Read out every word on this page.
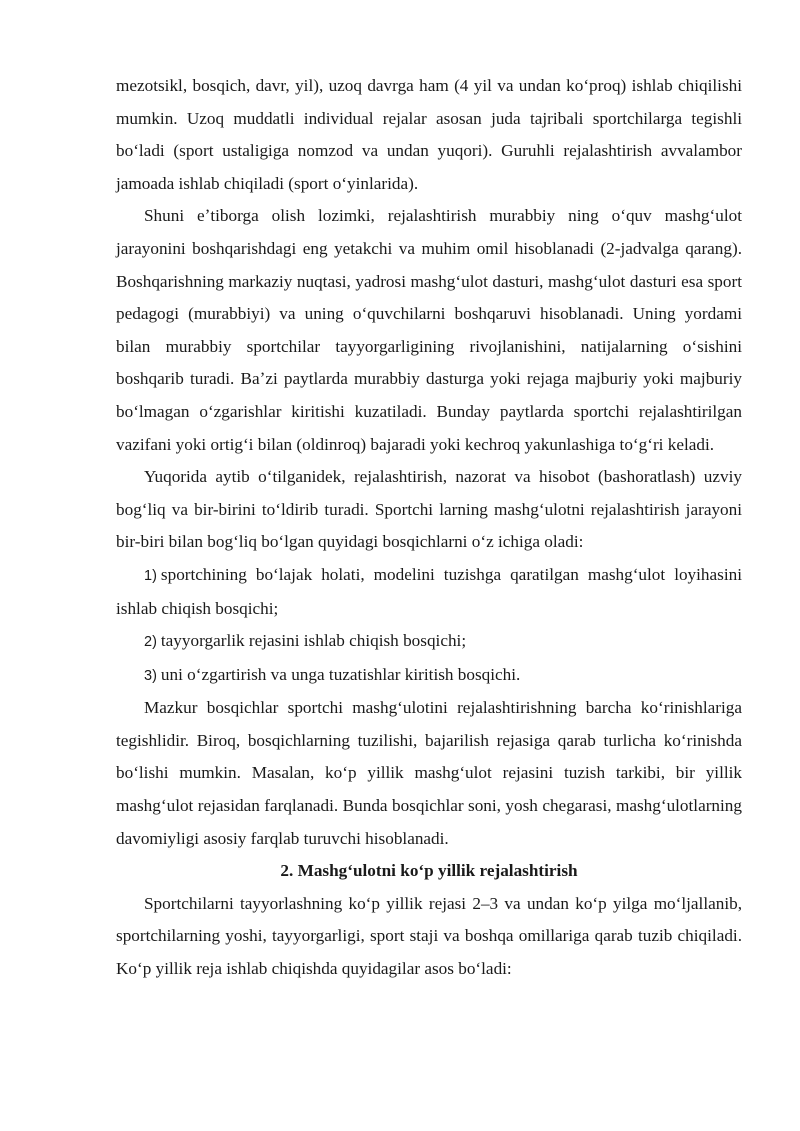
mezotsikl, bosqich, davr, yil), uzoq davrga ham (4 yil va undan koʻproq) ishlab chiqilishi mumkin. Uzoq muddatli individual rejalar asosan juda tajribali sportchilarga tegishli boʻladi (sport ustaligiga nomzod va undan yuqori). Guruhli rejalashtirish avvalambor jamoada ishlab chiqiladi (sport oʻyinlarida).

Shuni eʼtiborga olish lozimki, rejalashtirish murabbiy ning oʻquv mashgʻulot jarayonini boshqarishdagi eng yetakchi va muhim omil hisoblanadi (2-jadvalga qarang). Boshqarishning markaziy nuqtasi, yadrosi mashgʻulot dasturi, mashgʻulot dasturi esa sport pedagogi (murabbiyi) va uning oʻquvchilarni boshqaruvi hisoblanadi. Uning yordami bilan murabbiy sportchilar tayyorgarligining rivojlanishini, natijalarning oʻsishini boshqarib turadi. Baʼzi paytlarda murabbiy dasturga yoki rejaga majburiy yoki majburiy boʻlmagan oʻzgarishlar kiritishi kuzatiladi. Bunday paytlarda sportchi rejalashtirilgan vazifani yoki ortigʻi bilan (oldinroq) bajaradi yoki kechroq yakunlashiga toʻgʻri keladi.

Yuqorida aytib oʻtilganidek, rejalashtirish, nazorat va hisobot (bashoratlash) uzviy bogʻliq va bir-birini toʻldirib turadi. Sportchi larning mashgʻulotni rejalashtirish jarayoni bir-biri bilan bogʻliq boʻlgan quyidagi bosqichlarni oʻz ichiga oladi:

1) sportchining boʻlajak holati, modelini tuzishga qaratilgan mashgʻulot loyihasini ishlab chiqish bosqichi;

2) tayyorgarlik rejasini ishlab chiqish bosqichi;

3) uni oʻzgartirish va unga tuzatishlar kiritish bosqichi.

Mazkur bosqichlar sportchi mashgʻulotini rejalashtirishning barcha koʻrinishlariga tegishlidir. Biroq, bosqichlarning tuzilishi, bajarilish rejasiga qarab turlicha koʻrinishda boʻlishi mumkin. Masalan, koʻp yillik mashgʻulot rejasini tuzish tarkibi, bir yillik mashgʻulot rejasidan farqlanadi. Bunda bosqichlar soni, yosh chegarasi, mashgʻulotlarning davomiyligi asosiy farqlab turuvchi hisoblanadi.

2. Mashgʻulotni koʻp yillik rejalashtirish

Sportchilarni tayyorlashning koʻp yillik rejasi 2–3 va undan koʻp yilga moʻljallanib, sportchilarning yoshi, tayyorgarligi, sport staji va boshqa omillariga qarab tuzib chiqiladi. Koʻp yillik reja ishlab chiqishda quyidagilar asos boʻladi:
